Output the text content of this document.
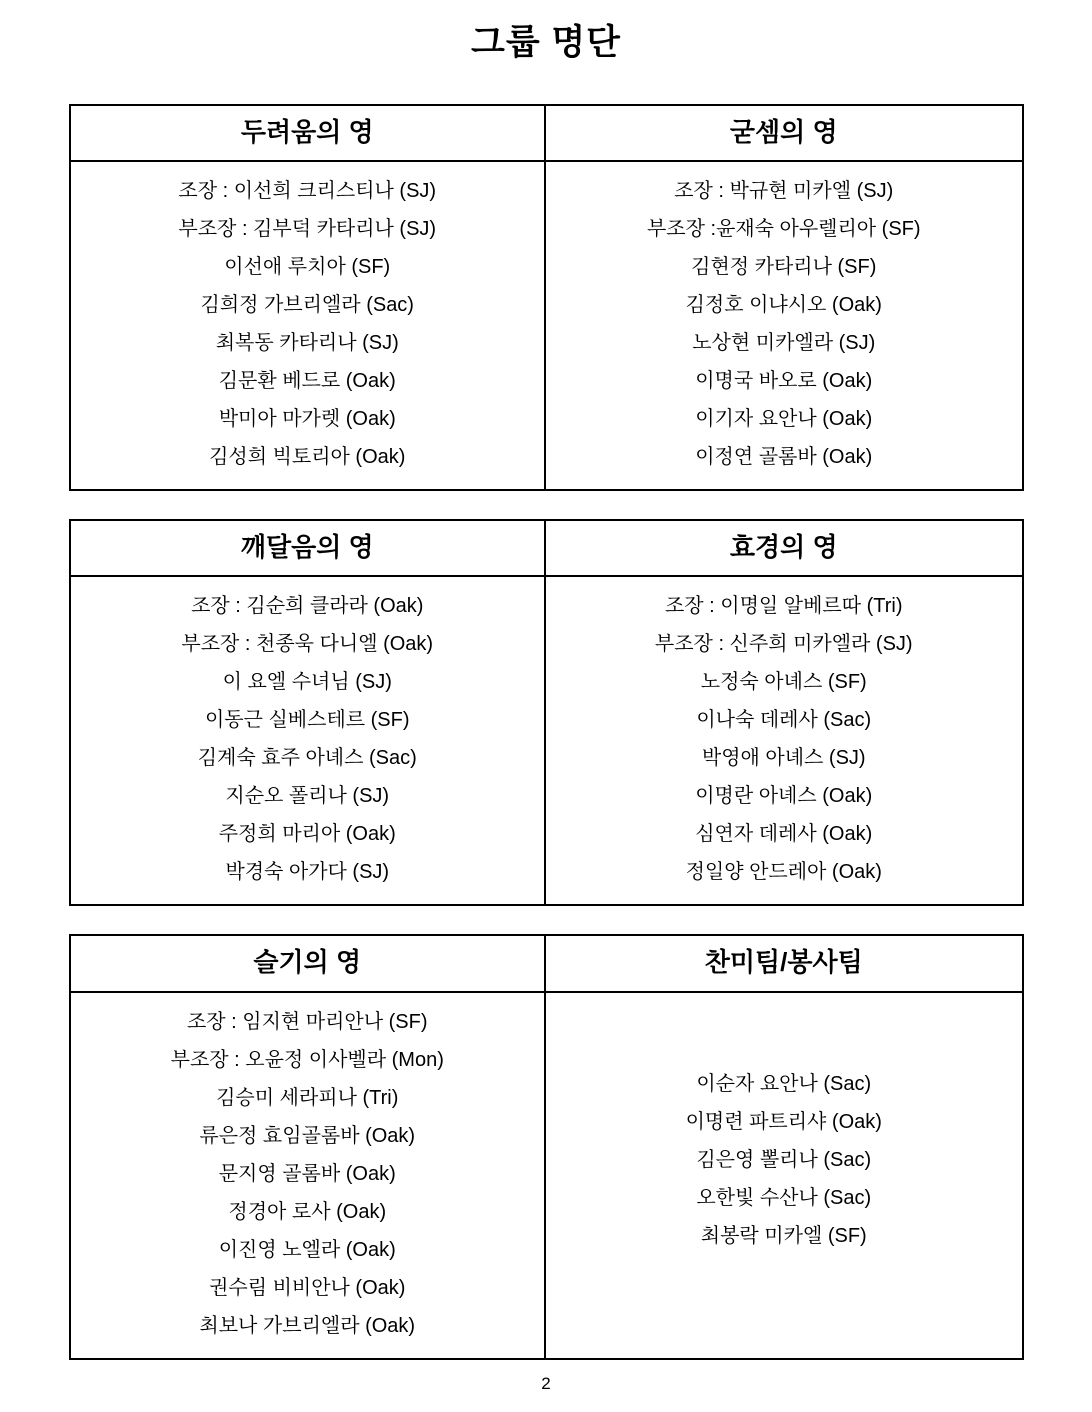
그룹 명단
두려움의 영
조장 : 이선희 크리스티나 (SJ)
부조장 : 김부덕 카타리나 (SJ)
이선애 루치아 (SF)
김희정 가브리엘라 (Sac)
최복동 카타리나 (SJ)
김문환 베드로 (Oak)
박미아 마가렛 (Oak)
김성희 빅토리아 (Oak)
굳셈의 영
조장 : 박규현 미카엘 (SJ)
부조장 :윤재숙 아우렐리아 (SF)
김현정 카타리나 (SF)
김정호 이냐시오 (Oak)
노상현 미카엘라 (SJ)
이명국 바오로 (Oak)
이기자 요안나 (Oak)
이정연 골롬바 (Oak)
깨달음의 영
조장 : 김순희 클라라 (Oak)
부조장 : 천종욱 다니엘 (Oak)
이 요엘 수녀님 (SJ)
이동근 실베스테르 (SF)
김계숙 효주 아녜스 (Sac)
지순오 폴리나 (SJ)
주정희 마리아 (Oak)
박경숙 아가다 (SJ)
효경의 영
조장 : 이명일 알베르따 (Tri)
부조장 : 신주희 미카엘라 (SJ)
노정숙 아녜스 (SF)
이나숙 데레사 (Sac)
박영애 아녜스 (SJ)
이명란 아녜스 (Oak)
심연자 데레사 (Oak)
정일양 안드레아 (Oak)
슬기의 영
조장 : 임지현 마리안나 (SF)
부조장 : 오윤정 이사벨라 (Mon)
김승미 세라피나 (Tri)
류은정 효임골롬바 (Oak)
문지영 골롬바 (Oak)
정경아 로사 (Oak)
이진영 노엘라 (Oak)
권수림 비비안나 (Oak)
최보나 가브리엘라 (Oak)
찬미팀/봉사팀
이순자 요안나 (Sac)
이명련 파트리샤 (Oak)
김은영 뽈리나 (Sac)
오한빛 수산나 (Sac)
최봉락 미카엘 (SF)
2
